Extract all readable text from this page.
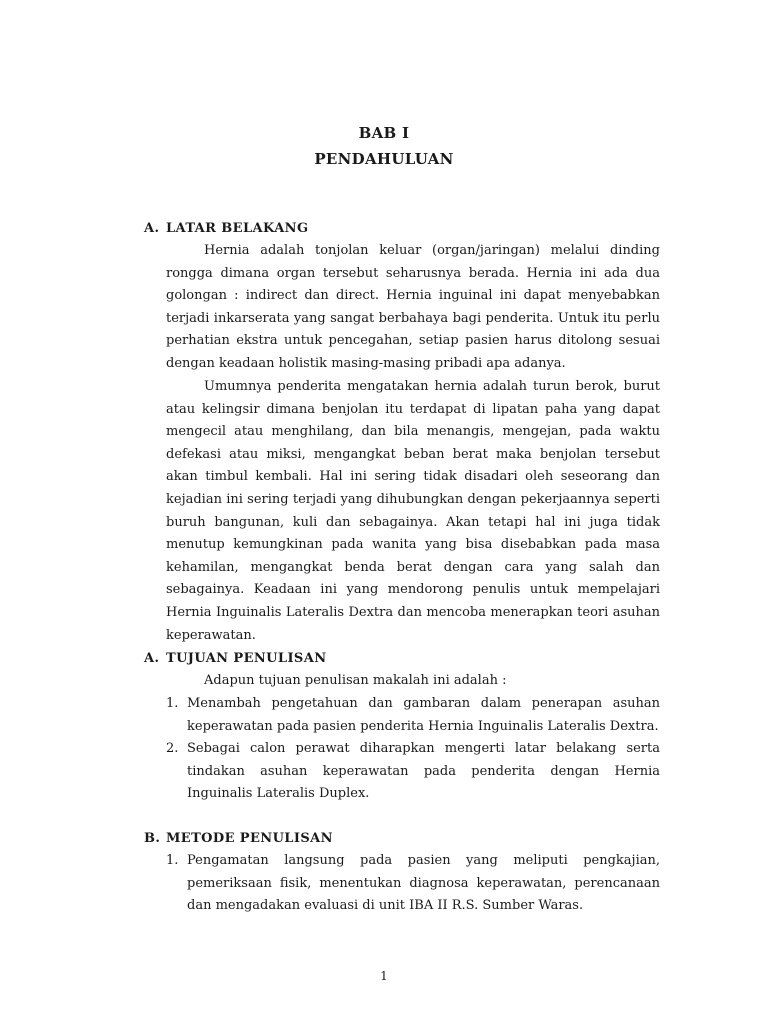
BAB I
PENDAHULUAN
A. LATAR BELAKANG

Hernia adalah tonjolan keluar (organ/jaringan) melalui dinding rongga dimana organ tersebut seharusnya berada. Hernia ini ada dua golongan : indirect dan direct. Hernia inguinal ini dapat menyebabkan terjadi inkarserata yang sangat berbahaya bagi penderita. Untuk itu perlu perhatian ekstra untuk pencegahan, setiap pasien harus ditolong sesuai dengan keadaan holistik masing-masing pribadi apa adanya.

Umumnya penderita mengatakan hernia adalah turun berok, burut atau kelingsir dimana benjolan itu terdapat di lipatan paha yang dapat mengecil atau menghilang, dan bila menangis, mengejan, pada waktu defekasi atau miksi, mengangkat beban berat maka benjolan tersebut akan timbul kembali. Hal ini sering tidak disadari oleh seseorang dan kejadian ini sering terjadi yang dihubungkan dengan pekerjaannya seperti buruh bangunan, kuli dan sebagainya. Akan tetapi hal ini juga tidak menutup kemungkinan pada wanita yang bisa disebabkan pada masa kehamilan, mengangkat benda berat dengan cara yang salah dan sebagainya. Keadaan ini yang mendorong penulis untuk mempelajari Hernia Inguinalis Lateralis Dextra dan mencoba menerapkan teori asuhan keperawatan.

A. TUJUAN PENULISAN

Adapun tujuan penulisan makalah ini adalah :

1. Menambah pengetahuan dan gambaran dalam penerapan asuhan keperawatan pada pasien penderita Hernia Inguinalis Lateralis Dextra.
2. Sebagai calon perawat diharapkan mengerti latar belakang serta tindakan asuhan keperawatan pada penderita dengan Hernia Inguinalis Lateralis Duplex.
B. METODE PENULISAN
1. Pengamatan langsung pada pasien yang meliputi pengkajian, pemeriksaan fisik, menentukan diagnosa keperawatan, perencanaan dan mengadakan evaluasi di unit IBA II R.S. Sumber Waras.
1
